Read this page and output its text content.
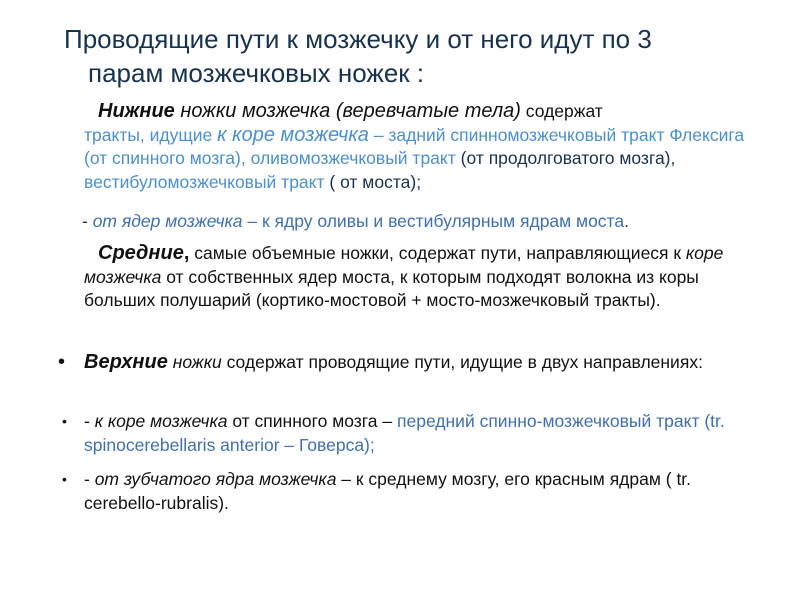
Проводящие пути к мозжечку и от него идут по 3
парам мозжечковых ножек :
Нижние ножки мозжечка (веревчатые тела) содержат
тракты, идущие к коре мозжечка – задний спинномозжечковый тракт Флексига (от спинного мозга), оливомозжечковый тракт (от продолговатого мозга), вестибуломозжечковый тракт ( от моста);
- от ядер мозжечка – к ядру оливы и вестибулярным ядрам моста.
Средние, самые объемные ножки, содержат пути, направляющиеся к коре мозжечка от собственных ядер моста, к которым подходят волокна из коры больших полушарий (кортико-мостовой + мосто-мозжечковый тракты).
• Верхние ножки содержат проводящие пути, идущие в двух направлениях:
• - к коре мозжечка от спинного мозга – передний спинно-мозжечковый тракт (tr. spinocerebellaris anterior – Говерса);
• - от зубчатого ядра мозжечка – к среднему мозгу, его красным ядрам ( tr. cerebello-rubralis).
